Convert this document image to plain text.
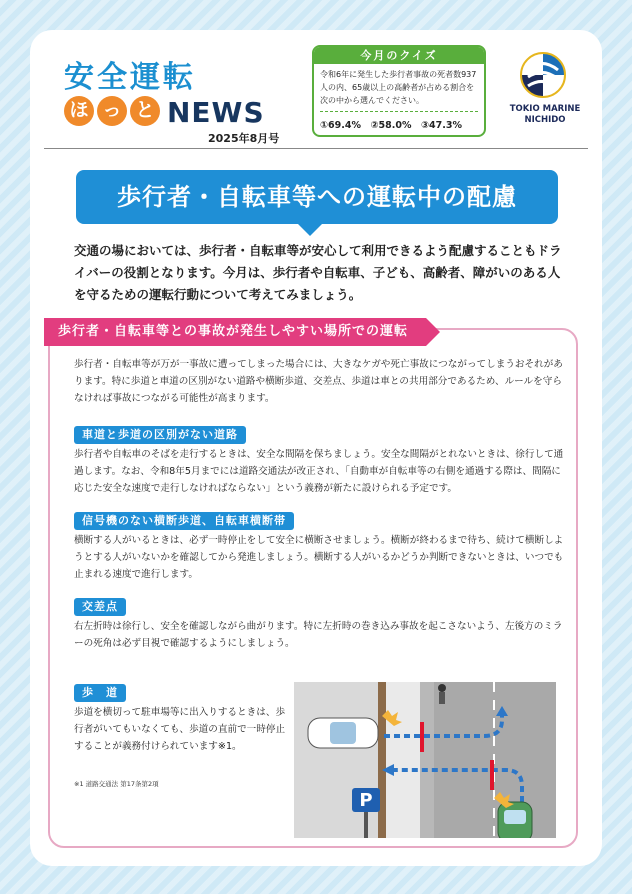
安全運転
ほ っ と NEWS
2025年8月号
今月のクイズ
令和6年に発生した歩行者事故の死者数937人の内、65歳以上の高齢者が占める割合を次の中から選んでください。
①69.4%　②58.0%　③47.3%
TOKIO MARINE
NICHIDO
歩行者・自転車等への運転中の配慮
交通の場においては、歩行者・自転車等が安心して利用できるよう配慮することもドライバーの役割となります。今月は、歩行者や自転車、子ども、高齢者、障がいのある人を守るための運転行動について考えてみましょう。
歩行者・自転車等との事故が発生しやすい場所での運転
歩行者・自転車等が万が一事故に遭ってしまった場合には、大きなケガや死亡事故につながってしまうおそれがあります。特に歩道と車道の区別がない道路や横断歩道、交差点、歩道は車との共用部分であるため、ルールを守らなければ事故につながる可能性が高まります。
車道と歩道の区別がない道路
歩行者や自転車のそばを走行するときは、安全な間隔を保ちましょう。安全な間隔がとれないときは、徐行して通過します。なお、令和8年5月までには道路交通法が改正され、「自動車が自転車等の右側を通過する際は、間隔に応じた安全な速度で走行しなければならない」という義務が新たに設けられる予定です。
信号機のない横断歩道、自転車横断帯
横断する人がいるときは、必ず一時停止をして安全に横断させましょう。横断が終わるまで待ち、続けて横断しようとする人がいないかを確認してから発進しましょう。横断する人がいるかどうか判断できないときは、いつでも止まれる速度で進行します。
交差点
右左折時は徐行し、安全を確認しながら曲がります。特に左折時の巻き込み事故を起こさないよう、左後方のミラーの死角は必ず目視で確認するようにしましょう。
歩　道
歩道を横切って駐車場等に出入りするときは、歩行者がいてもいなくても、歩道の直前で一時停止することが義務付けられています※1。
※1 道路交通法 第17条第2項
P
